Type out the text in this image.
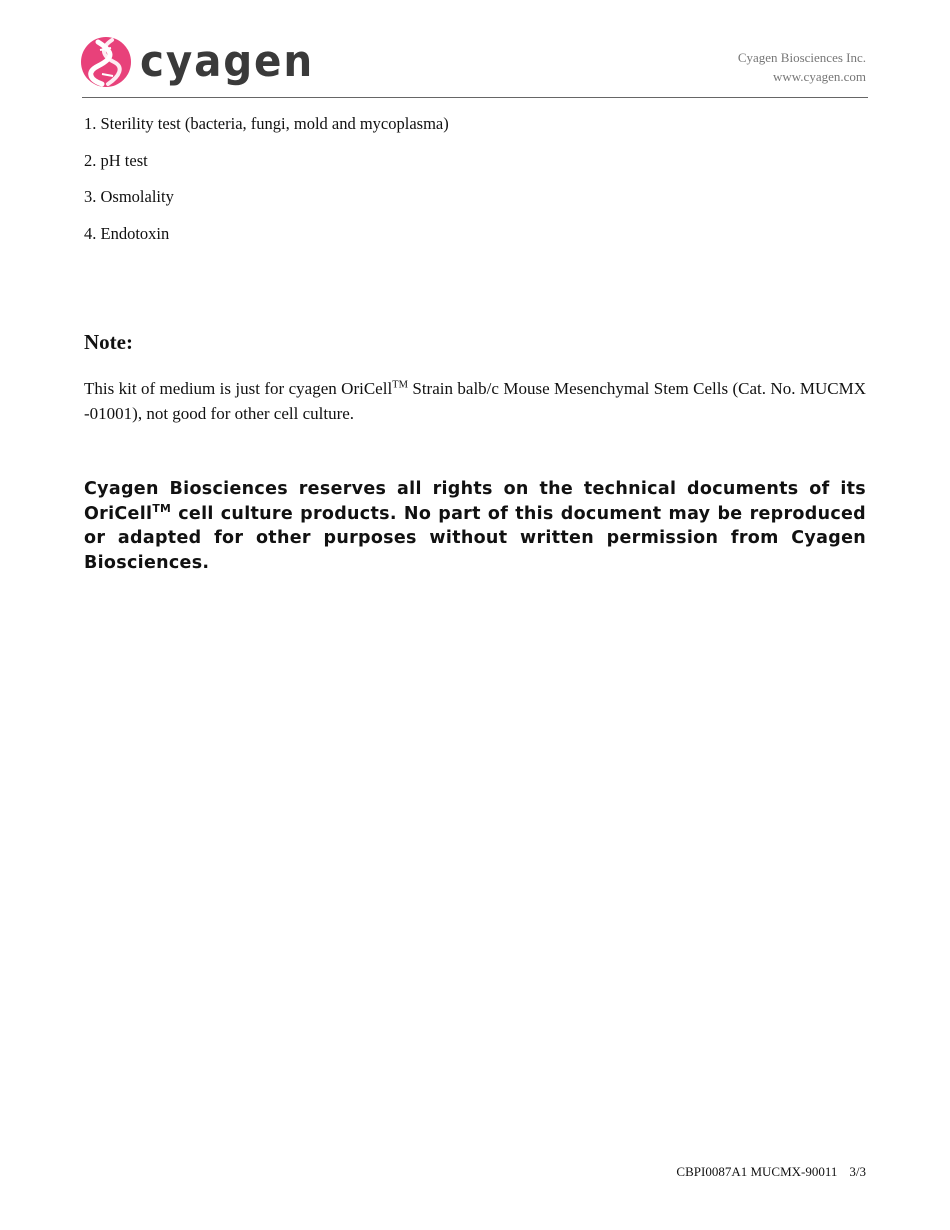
cyagen	Cyagen Biosciences Inc.
www.cyagen.com
1. Sterility test (bacteria, fungi, mold and mycoplasma)
2. pH test
3. Osmolality
4. Endotoxin
Note:
This kit of medium is just for cyagen OriCell™ Strain balb/c Mouse Mesenchymal Stem Cells (Cat. No. MUCMX -01001), not good for other cell culture.
Cyagen Biosciences reserves all rights on the technical documents of its OriCell™ cell culture products. No part of this document may be reproduced or adapted for other purposes without written permission from Cyagen Biosciences.
CBPI0087A1 MUCMX-90011 3/3
